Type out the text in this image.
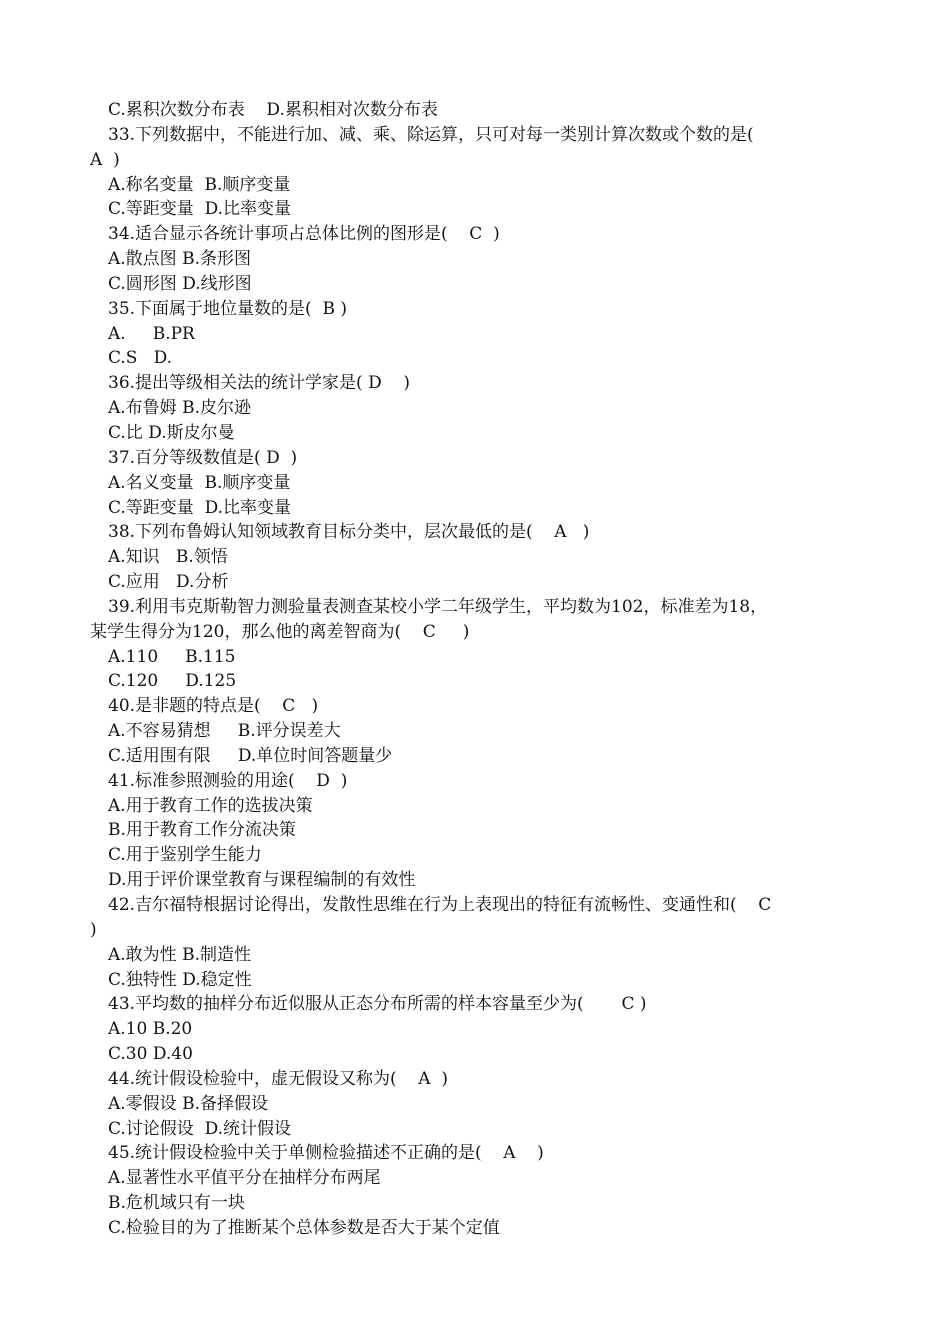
C.累积次数分布表    D.累积相对次数分布表
33.下列数据中，不能进行加、减、乘、除运算，只可对每一类别计算次数或个数的是(
A  )
A.称名变量  B.顺序变量
C.等距变量  D.比率变量
34.适合显示各统计事项占总体比例的图形是(    C  )
A.散点图 B.条形图
C.圆形图 D.线形图
35.下面属于地位量数的是(  B )
A.     B.PR
C.S   D.
36.提出等级相关法的统计学家是( D    )
A.布鲁姆 B.皮尔逊
C.比 D.斯皮尔曼
37.百分等级数值是( D  )
A.名义变量  B.顺序变量
C.等距变量  D.比率变量
38.下列布鲁姆认知领域教育目标分类中，层次最低的是(    A   )
A.知识   B.领悟
C.应用   D.分析
39.利用韦克斯勒智力测验量表测查某校小学二年级学生，平均数为102，标准差为18，
某学生得分为120，那么他的离差智商为(    C     )
A.110     B.115
C.120     D.125
40.是非题的特点是(    C   )
A.不容易猜想     B.评分误差大
C.适用围有限     D.单位时间答题量少
41.标准参照测验的用途(    D  )
A.用于教育工作的选拔决策
B.用于教育工作分流决策
C.用于鉴别学生能力
D.用于评价课堂教育与课程编制的有效性
42.吉尔福特根据讨论得出，发散性思维在行为上表现出的特征有流畅性、变通性和(    C
)
A.敢为性 B.制造性
C.独特性 D.稳定性
43.平均数的抽样分布近似服从正态分布所需的样本容量至少为(       C )
A.10 B.20
C.30 D.40
44.统计假设检验中，虚无假设又称为(    A  )
A.零假设 B.备择假设
C.讨论假设  D.统计假设
45.统计假设检验中关于单侧检验描述不正确的是(    A    )
A.显著性水平值平分在抽样分布两尾
B.危机域只有一块
C.检验目的为了推断某个总体参数是否大于某个定值
